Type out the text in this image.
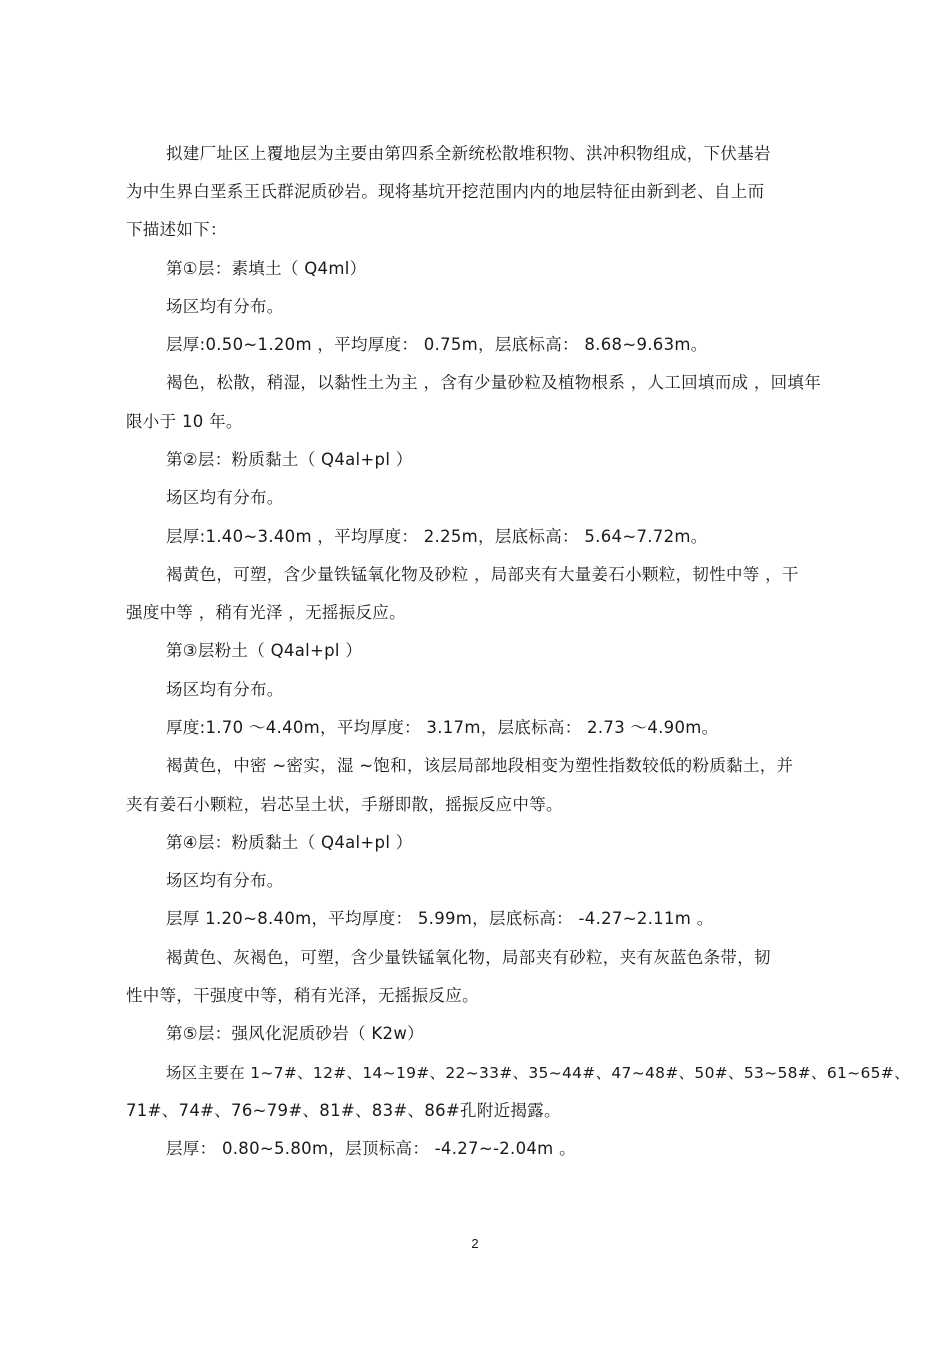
拟建厂址区上覆地层为主要由第四系全新统松散堆积物、洪冲积物组成，下伏基岩
为中生界白垩系王氏群泥质砂岩。现将基坑开挖范围内内的地层特征由新到老、自上而
下描述如下：
第①层：素填土（ Q4ml）
场区均有分布。
层厚:0.50~1.20m ，平均厚度： 0.75m，层底标高： 8.68~9.63m。
褐色，松散，稍湿，以黏性土为主 ，含有少量砂粒及植物根系 ，人工回填而成 ，回填年
限小于 10 年。
第②层：粉质黏土（ Q4al+pl ）
场区均有分布。
层厚:1.40~3.40m ，平均厚度： 2.25m，层底标高： 5.64~7.72m。
褐黄色，可塑，含少量铁锰氧化物及砂粒 ，局部夹有大量姜石小颗粒，韧性中等 ，干
强度中等 ，稍有光泽 ，无摇振反应。
第③层粉土（ Q4al+pl ）
场区均有分布。
厚度:1.70 ～4.40m，平均厚度： 3.17m，层底标高： 2.73 ～4.90m。
褐黄色，中密 ~密实，湿 ~饱和，该层局部地段相变为塑性指数较低的粉质黏土，并
夹有姜石小颗粒，岩芯呈土状，手掰即散，摇振反应中等。
第④层：粉质黏土（ Q4al+pl ）
场区均有分布。
层厚 1.20~8.40m，平均厚度： 5.99m，层底标高： -4.27~2.11m 。
褐黄色、灰褐色，可塑，含少量铁锰氧化物，局部夹有砂粒，夹有灰蓝色条带，韧
性中等，干强度中等，稍有光泽，无摇振反应。
第⑤层：强风化泥质砂岩（ K2w）
场区主要在 1~7#、12#、14~19#、22~33#、35~44#、47~48#、50#、53~58#、61~65#、
71#、74#、76~79#、81#、83#、86#孔附近揭露。
层厚： 0.80~5.80m，层顶标高： -4.27~-2.04m 。
2
